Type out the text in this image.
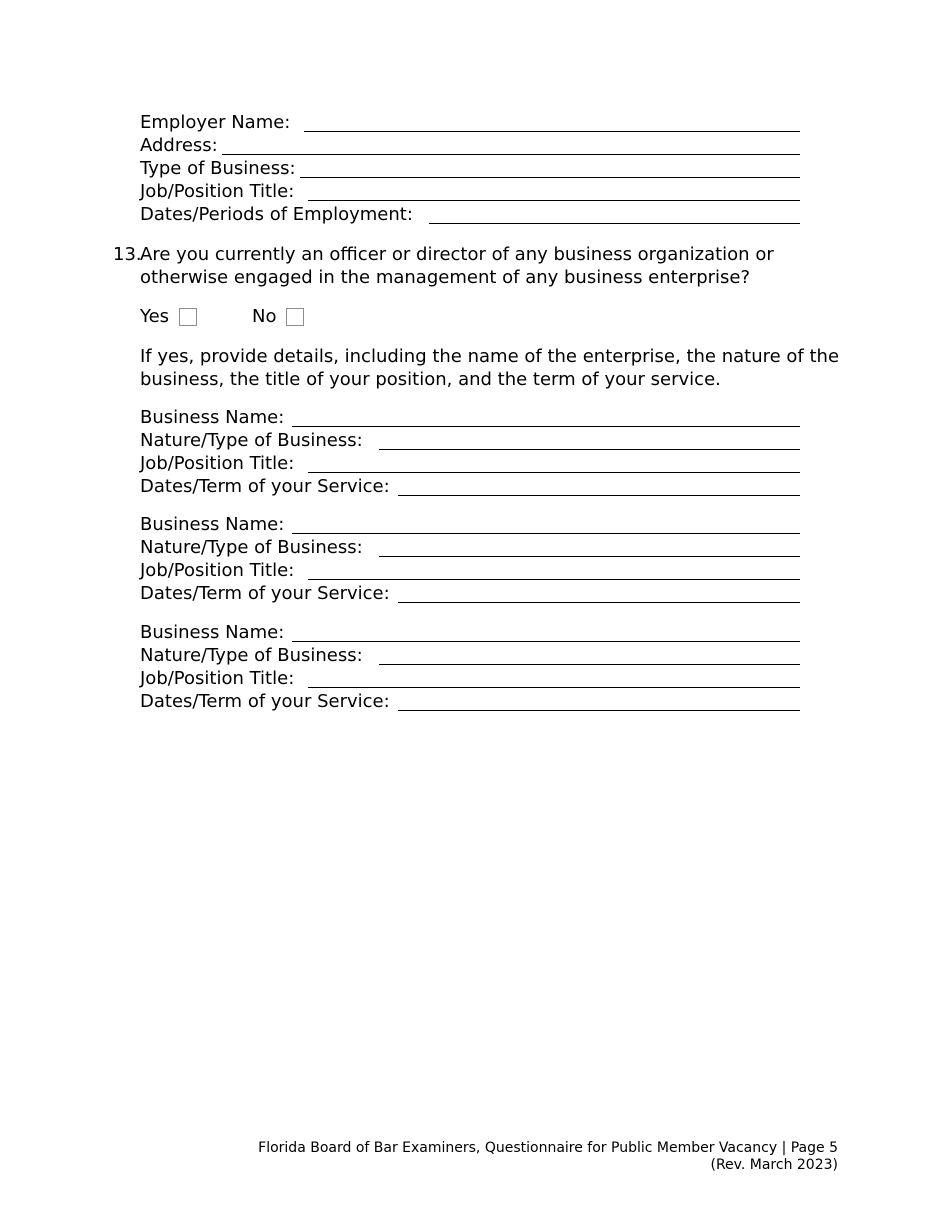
Employer Name:
Address:
Type of Business:
Job/Position Title:
Dates/Periods of Employment:
13.
Are you currently an officer or director of any business organization or otherwise engaged in the management of any business enterprise?
Yes	No
If yes, provide details, including the name of the enterprise, the nature of the business, the title of your position, and the term of your service.
Business Name:
Nature/Type of Business:
Job/Position Title:
Dates/Term of your Service:
Business Name:
Nature/Type of Business:
Job/Position Title:
Dates/Term of your Service:
Business Name:
Nature/Type of Business:
Job/Position Title:
Dates/Term of your Service:
Florida Board of Bar Examiners, Questionnaire for Public Member Vacancy | Page 5
(Rev. March 2023)
